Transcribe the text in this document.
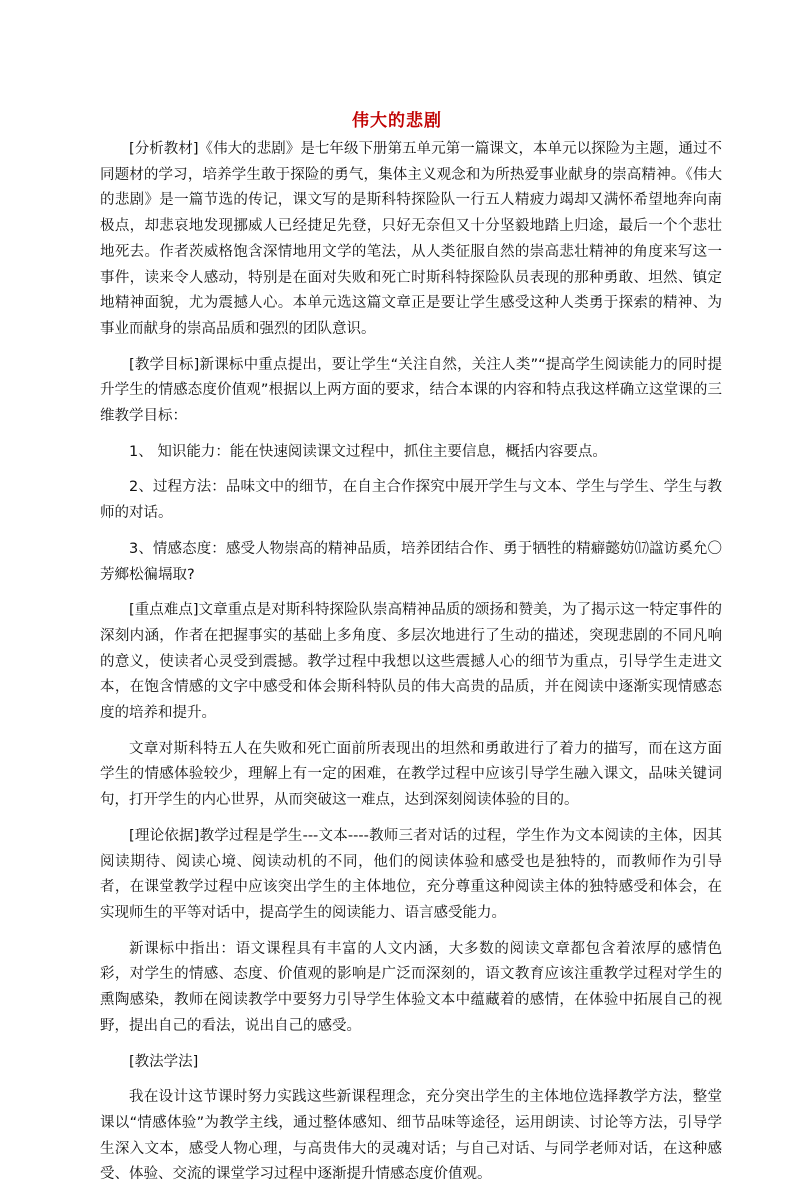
伟大的悲剧

[分析教材]《伟大的悲剧》是七年级下册第五单元第一篇课文，本单元以探险为主题，通过不同题材的学习，培养学生敢于探险的勇气，集体主义观念和为所热爱事业献身的崇高精神。《伟大的悲剧》是一篇节选的传记，课文写的是斯科特探险队一行五人精疲力竭却又满怀希望地奔向南极点，却悲哀地发现挪威人已经捷足先登，只好无奈但又十分坚毅地踏上归途，最后一个个悲壮地死去。作者茨威格饱含深情地用文学的笔法，从人类征服自然的崇高悲壮精神的角度来写这一事件，读来令人感动，特别是在面对失败和死亡时斯科特探险队员表现的那种勇敢、坦然、镇定地精神面貌，尤为震撼人心。本单元选这篇文章正是要让学生感受这种人类勇于探索的精神、为事业而献身的崇高品质和强烈的团队意识。

[教学目标]新课标中重点提出，要让学生“关注自然，关注人类”“提高学生阅读能力的同时提升学生的情感态度价值观”根据以上两方面的要求，结合本课的内容和特点我这样确立这堂课的三维教学目标：

1、 知识能力：能在快速阅读课文过程中，抓住主要信息，概括内容要点。

2、过程方法：品味文中的细节，在自主合作探究中展开学生与文本、学生与学生、学生与教师的对话。

3、情感态度：感受人物崇高的精神品质，培养团结合作、勇于牺牲的精癖懿妨⒄諡访奚允〇芳鄉松徧塥取?

[重点难点]文章重点是对斯科特探险队崇高精神品质的颂扬和赞美，为了揭示这一特定事件的深刻内涵，作者在把握事实的基础上多角度、多层次地进行了生动的描述，突现悲剧的不同凡响的意义，使读者心灵受到震撼。教学过程中我想以这些震撼人心的细节为重点，引导学生走进文本，在饱含情感的文字中感受和体会斯科特队员的伟大高贵的品质，并在阅读中逐渐实现情感态度的培养和提升。

文章对斯科特五人在失败和死亡面前所表现出的坦然和勇敢进行了着力的描写，而在这方面学生的情感体验较少，理解上有一定的困难，在教学过程中应该引导学生融入课文，品味关键词句，打开学生的内心世界，从而突破这一难点，达到深刻阅读体验的目的。

[理论依据]教学过程是学生---文本----教师三者对话的过程，学生作为文本阅读的主体，因其阅读期待、阅读心境、阅读动机的不同，他们的阅读体验和感受也是独特的，而教师作为引导者，在课堂教学过程中应该突出学生的主体地位，充分尊重这种阅读主体的独特感受和体会，在实现师生的平等对话中，提高学生的阅读能力、语言感受能力。

新课标中指出：语文课程具有丰富的人文内涵，大多数的阅读文章都包含着浓厚的感情色彩，对学生的情感、态度、价值观的影响是广泛而深刻的，语文教育应该注重教学过程对学生的熏陶感染，教师在阅读教学中要努力引导学生体验文本中蕴藏着的感情，在体验中拓展自己的视野，提出自己的看法，说出自己的感受。

[教法学法]

我在设计这节课时努力实践这些新课程理念，充分突出学生的主体地位选择教学方法，整堂课以“情感体验”为教学主线，通过整体感知、细节品味等途径，运用朗读、讨论等方法，引导学生深入文本，感受人物心理，与高贵伟大的灵魂对话；与自己对话、与同学老师对话，在这种感受、体验、交流的课堂学习过程中逐渐提升情感态度价值观。
